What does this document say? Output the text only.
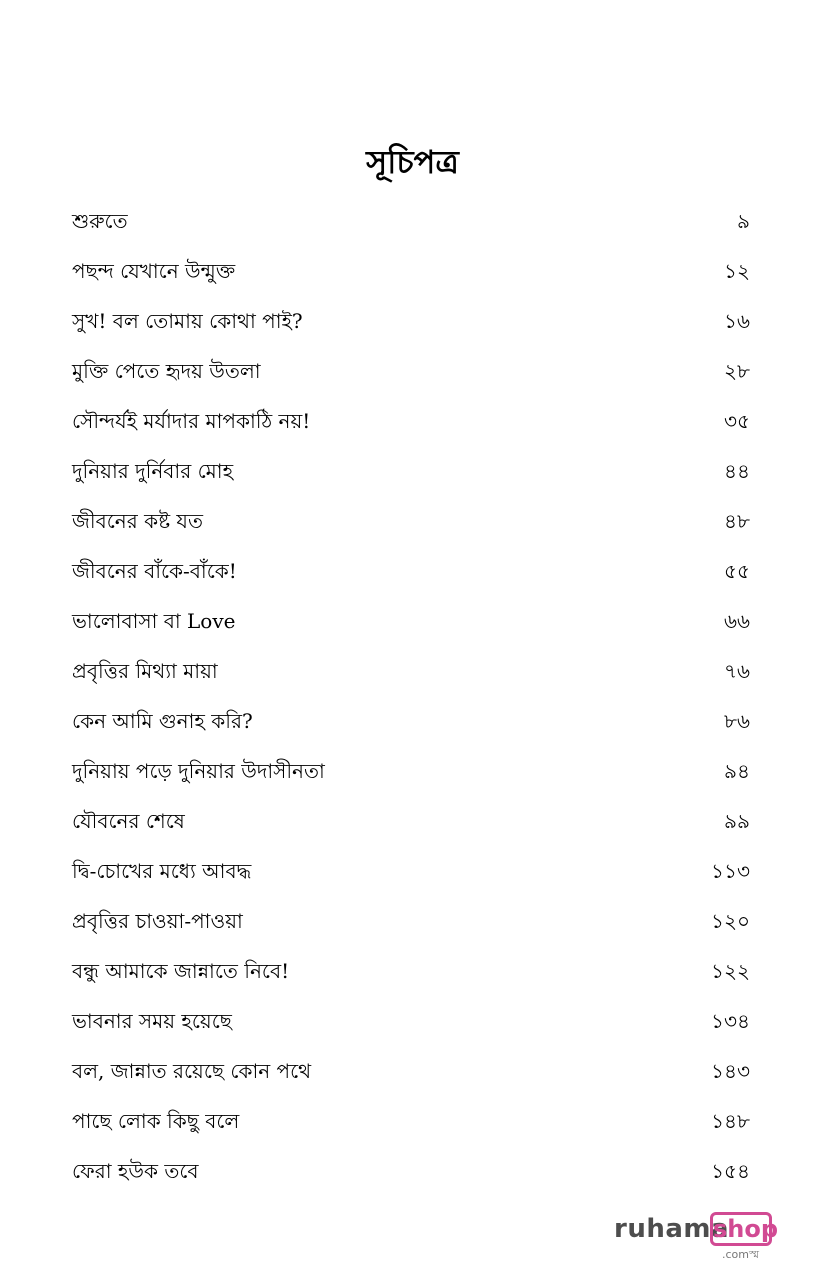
সূচিপত্র
শুরুতে	৯
পছন্দ যেখানে উন্মুক্ত	১২
সুখ! বল তোমায় কোথা পাই?	১৬
মুক্তি পেতে হৃদয় উতলা	২৮
সৌন্দর্যই মর্যাদার মাপকাঠি নয়!	৩৫
দুনিয়ার দুর্নিবার মোহ	৪৪
জীবনের কষ্ট যত	৪৮
জীবনের বাঁকে-বাঁকে!	৫৫
ভালোবাসা বা Love	৬৬
প্রবৃত্তির মিথ্যা মায়া	৭৬
কেন আমি গুনাহ করি?	৮৬
দুনিয়ায় পড়ে দুনিয়ার উদাসীনতা	৯৪
যৌবনের শেষে	৯৯
দ্বি-চোখের মধ্যে আবদ্ধ	১১৩
প্রবৃত্তির চাওয়া-পাওয়া	১২০
বন্ধু আমাকে জান্নাতে নিবে!	১২২
ভাবনার সময় হয়েছে	১৩৪
বল, জান্নাত রয়েছে কোন পথে	১৪৩
পাছে লোক কিছু বলে	১৪৮
ফেরা হউক তবে	১৫৪
ruhama
shop
.comস্ম
